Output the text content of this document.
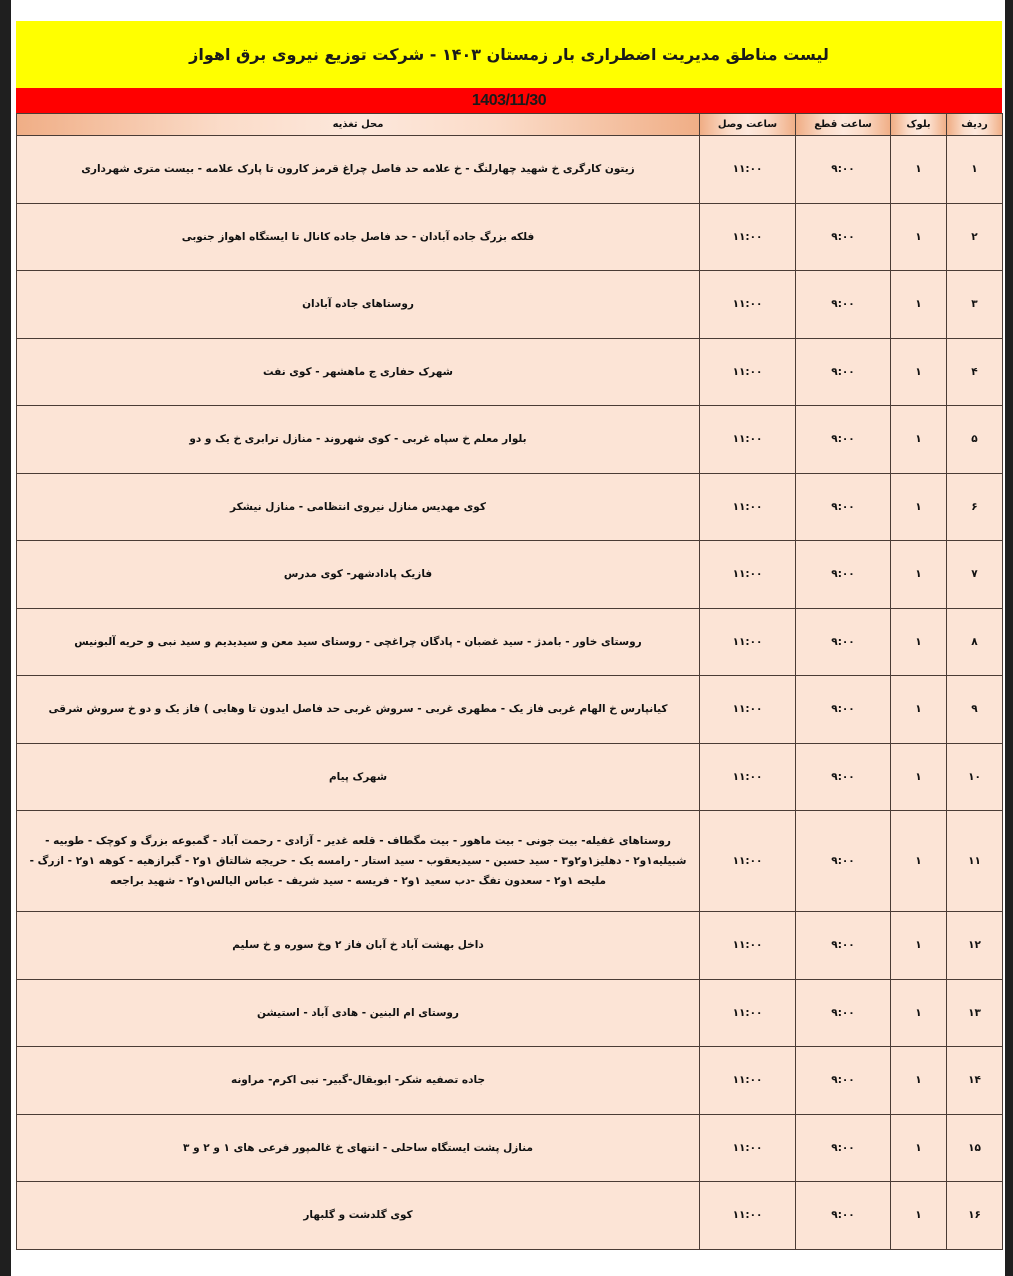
لیست مناطق مدیریت اضطراری بار زمستان ۱۴۰۳ - شرکت توزیع نیروی برق اهواز
1403/11/30
ردیف	بلوک	ساعت قطع	ساعت وصل	محل تغذیه
۱	۱	۹:۰۰	۱۱:۰۰	زیتون کارگری خ شهید چهارلنگ - خ علامه حد فاصل چراغ قرمز کارون تا پارک علامه - بیست متری شهرداری
۲	۱	۹:۰۰	۱۱:۰۰	فلکه بزرگ جاده آبادان - حد فاصل جاده کانال تا ایستگاه اهواز جنوبی
۳	۱	۹:۰۰	۱۱:۰۰	روستاهای جاده آبادان
۴	۱	۹:۰۰	۱۱:۰۰	شهرک حفاری ج ماهشهر - کوی نفت
۵	۱	۹:۰۰	۱۱:۰۰	بلوار معلم خ سپاه غربی - کوی شهروند - منازل ترابری خ یک و دو
۶	۱	۹:۰۰	۱۱:۰۰	کوی مهدیس منازل نیروی انتظامی - منازل نیشکر
۷	۱	۹:۰۰	۱۱:۰۰	فازیک پادادشهر- کوی مدرس
۸	۱	۹:۰۰	۱۱:۰۰	روستای خاور - بامدژ - سید غضبان - پادگان چراغچی - روستای سید معن و سیدیدیم و سید نبی و حریه آلبونیس
۹	۱	۹:۰۰	۱۱:۰۰	کیانپارس خ الهام غربی فاز یک - مطهری غربی - سروش غربی حد فاصل ایدون تا وهابی ) فاز یک و دو خ سروش شرقی
۱۰	۱	۹:۰۰	۱۱:۰۰	شهرک پیام
۱۱	۱	۹:۰۰	۱۱:۰۰	روستاهای غفیله- بیت جونی - بیت ماهور - بیت مگطاف - قلعه غدیر - آزادی - رحمت آباد - گمبوعه بزرگ و کوچک - طوبیه - شبیلیه۱و۲ - دهلیز۱و۲و۳ - سید حسین - سیدیعقوب - سید استار - رامسه یک - حریجه شالتاق ۱و۲ - گبرازهیه - کوهه ۱و۲ - ازرگ - ملیحه ۱و۲ - سعدون تفگ -دب سعید ۱و۲ - فریسه - سید شریف - عباس الیالس۱و۲ - شهید براجعه
۱۲	۱	۹:۰۰	۱۱:۰۰	داخل بهشت آباد خ آبان فاز ۲ وخ سوره و خ سلیم
۱۳	۱	۹:۰۰	۱۱:۰۰	روستای ام البنین - هادی آباد - استیشن
۱۴	۱	۹:۰۰	۱۱:۰۰	جاده تصفیه شکر- ابوبقال-گبیر- نبی اکرم- مراونه
۱۵	۱	۹:۰۰	۱۱:۰۰	منازل پشت ایستگاه ساحلی - انتهای خ غالمپور فرعی های ۱ و ۲ و ۳
۱۶	۱	۹:۰۰	۱۱:۰۰	کوی گلدشت و گلبهار
